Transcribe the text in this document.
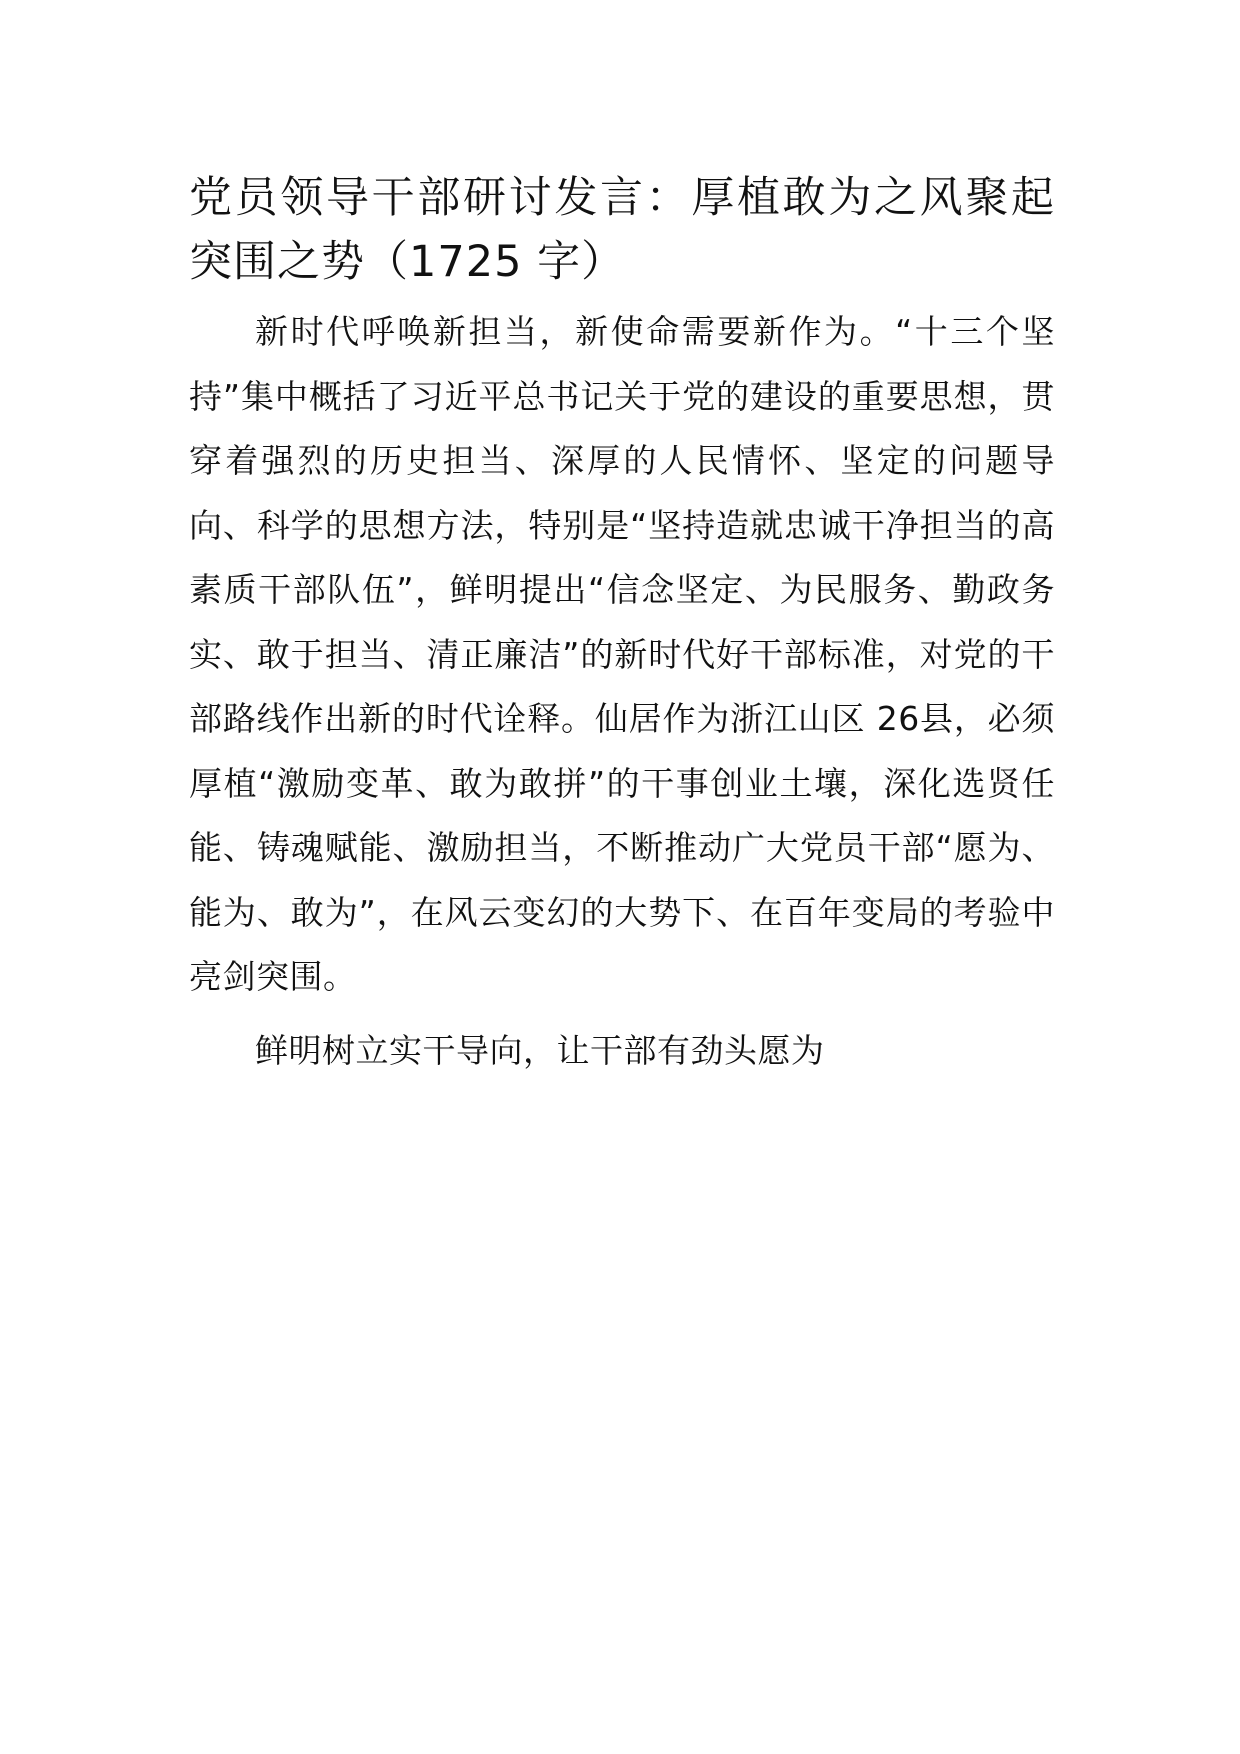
党员领导干部研讨发言：厚植敢为之风聚起突围之势（1725 字）

新时代呼唤新担当，新使命需要新作为。“十三个坚持”集中概括了习近平总书记关于党的建设的重要思想，贯穿着强烈的历史担当、深厚的人民情怀、坚定的问题导向、科学的思想方法，特别是“坚持造就忠诚干净担当的高素质干部队伍”，鲜明提出“信念坚定、为民服务、勤政务实、敢于担当、清正廉洁”的新时代好干部标准，对党的干部路线作出新的时代诠释。仙居作为浙江山区 26县，必须厚植“激励变革、敢为敢拼”的干事创业土壤，深化选贤任能、铸魂赋能、激励担当，不断推动广大党员干部“愿为、能为、敢为”，在风云变幻的大势下、在百年变局的考验中亮剑突围。

鲜明树立实干导向，让干部有劲头愿为
